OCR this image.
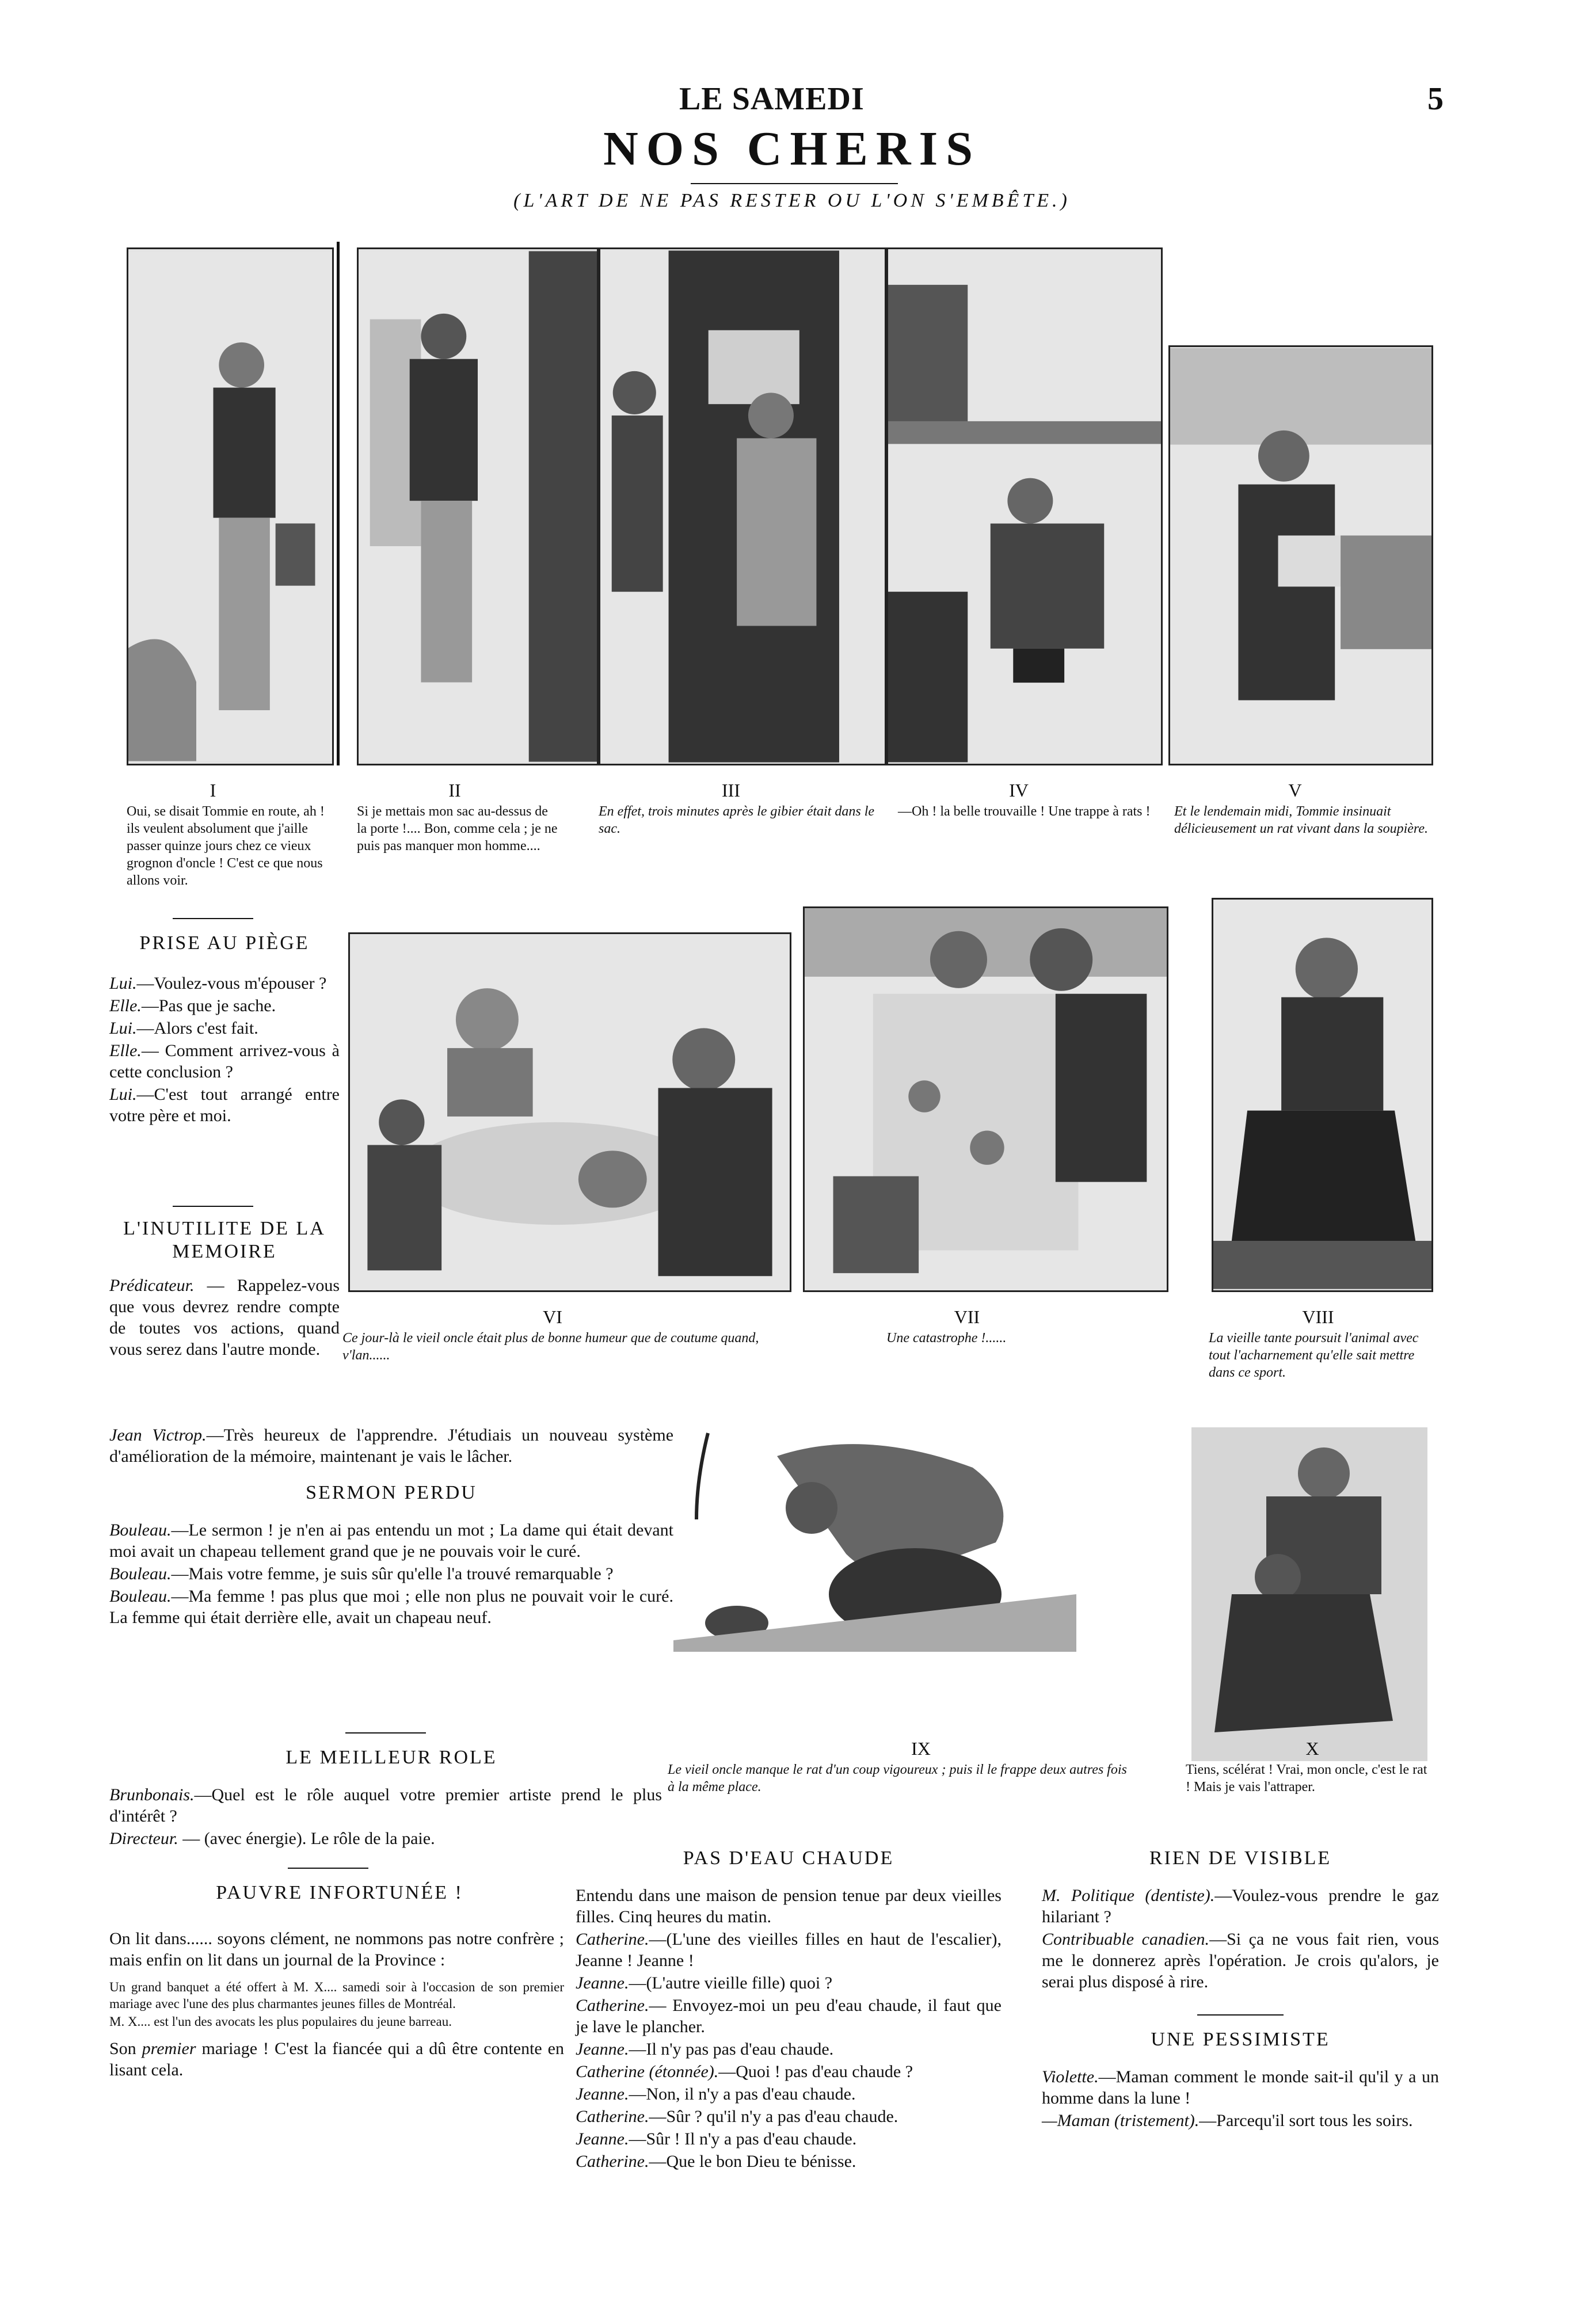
LE SAMEDI	5
NOS CHERIS
(L'ART DE NE PAS RESTER OU L'ON S'EMBÊTE.)
I	II	III	IV	V
Oui, se disait Tommie en route, ah ! ils veulent absolument que j'aille passer quinze jours chez ce vieux grognon d'oncle ! C'est ce que nous allons voir.
Si je mettais mon sac au-dessus de la porte !.... Bon, comme cela ; je ne puis pas manquer mon homme....
En effet, trois minutes après le gibier était dans le sac.
—Oh ! la belle trouvaille ! Une trappe à rats !	Et le lendemain midi, Tommie insinuait délicieusement un rat vivant dans la soupière.
PRISE AU PIÈGE

Lui.—Voulez-vous m'épouser ?

Elle.—Pas que je sache.

Lui.—Alors c'est fait.

Elle.— Comment arrivez-vous à cette conclusion ?

Lui.—C'est tout arrangé entre votre père et moi.

L'INUTILITE DE LA MEMOIRE

Prédicateur. — Rappelez-vous que vous devrez rendre compte de toutes vos actions, quand vous serez dans l'autre monde.

Jean Victrop.—Très heureux de l'apprendre. J'étudiais un nouveau système d'amélioration de la mémoire, maintenant je vais le lâcher.

VI	VII	VIII
Ce jour-là le vieil oncle était plus de bonne humeur que de coutume quand, v'lan......
Une catastrophe !......	La vieille tante poursuit l'animal avec tout l'acharnement qu'elle sait mettre dans ce sport.
IX	X
Le vieil oncle manque le rat d'un coup vigoureux ; puis il le frappe deux autres fois à la même place.
Tiens, scélérat ! Vrai, mon oncle, c'est le rat ! Mais je vais l'attraper.
SERMON PERDU

Bouleau.—Le sermon ! je n'en ai pas entendu un mot ; La dame qui était devant moi avait un chapeau tellement grand que je ne pouvais voir le curé.

Bouleau.—Mais votre femme, je suis sûr qu'elle l'a trouvé remarquable ?

Bouleau.—Ma femme ! pas plus que moi ; elle non plus ne pouvait voir le curé. La femme qui était derrière elle, avait un chapeau neuf.

LE MEILLEUR ROLE

Brunbonais.—Quel est le rôle auquel votre premier artiste prend le plus d'intérêt ?

Directeur. — (avec énergie). Le rôle de la paie.

PAUVRE INFORTUNÉE !

On lit dans...... soyons clément, ne nommons pas notre confrère ; mais enfin on lit dans un journal de la Province :

Un grand banquet a été offert à M. X.... samedi soir à l'occasion de son premier mariage avec l'une des plus charmantes jeunes filles de Montréal.

M. X.... est l'un des avocats les plus populaires du jeune barreau.

Son premier mariage ! C'est la fiancée qui a dû être contente en lisant cela.

PAS D'EAU CHAUDE

Entendu dans une maison de pension tenue par deux vieilles filles. Cinq heures du matin.

Catherine.—(L'une des vieilles filles en haut de l'escalier), Jeanne ! Jeanne !

Jeanne.—(L'autre vieille fille) quoi ?

Catherine.— Envoyez-moi un peu d'eau chaude, il faut que je lave le plancher.

Jeanne.—Il n'y pas pas d'eau chaude.

Catherine (étonnée).—Quoi ! pas d'eau chaude ?

Jeanne.—Non, il n'y a pas d'eau chaude.

Catherine.—Sûr ? qu'il n'y a pas d'eau chaude.

Jeanne.—Sûr ! Il n'y a pas d'eau chaude.

Catherine.—Que le bon Dieu te bénisse.

RIEN DE VISIBLE

M. Politique (dentiste).—Voulez-vous prendre le gaz hilariant ?

Contribuable canadien.—Si ça ne vous fait rien, vous me le donnerez après l'opération. Je crois qu'alors, je serai plus disposé à rire.

UNE PESSIMISTE

Violette.—Maman comment le monde sait-il qu'il y a un homme dans la lune !

—Maman (tristement).—Parcequ'il sort tous les soirs.
